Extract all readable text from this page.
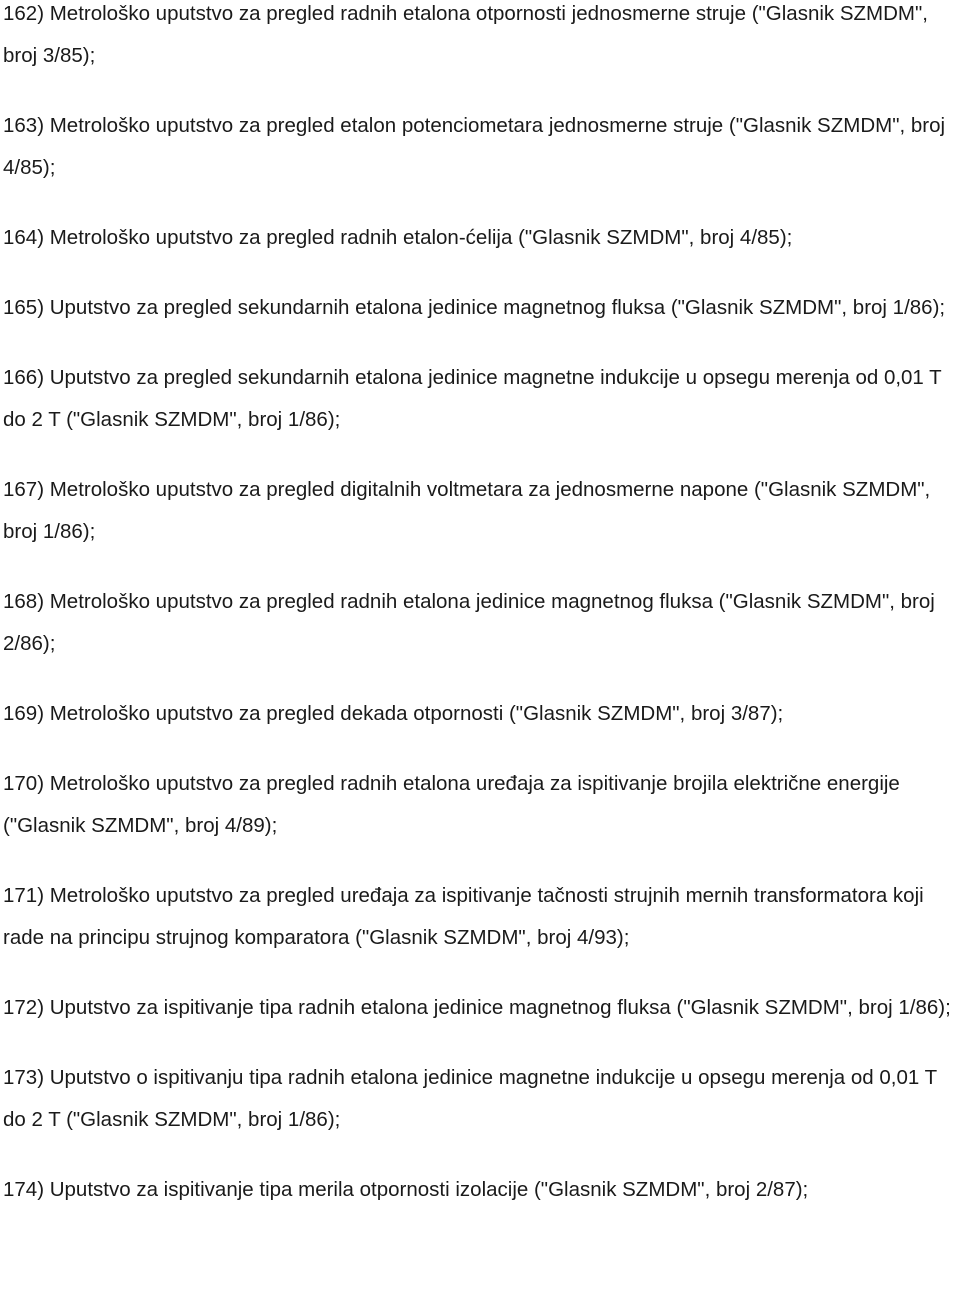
162) Metrološko uputstvo za pregled radnih etalona otpornosti jednosmerne struje ("Glasnik SZMDM", broj 3/85);

163) Metrološko uputstvo za pregled etalon potenciometara jednosmerne struje ("Glasnik SZMDM", broj 4/85);

164) Metrološko uputstvo za pregled radnih etalon-ćelija ("Glasnik SZMDM", broj 4/85);

165) Uputstvo za pregled sekundarnih etalona jedinice magnetnog fluksa ("Glasnik SZMDM", broj 1/86);

166) Uputstvo za pregled sekundarnih etalona jedinice magnetne indukcije u opsegu merenja od 0,01 T do 2 T ("Glasnik SZMDM", broj 1/86);

167) Metrološko uputstvo za pregled digitalnih voltmetara za jednosmerne napone ("Glasnik SZMDM", broj 1/86);

168) Metrološko uputstvo za pregled radnih etalona jedinice magnetnog fluksa ("Glasnik SZMDM", broj 2/86);

169) Metrološko uputstvo za pregled dekada otpornosti ("Glasnik SZMDM", broj 3/87);

170) Metrološko uputstvo za pregled radnih etalona uređaja za ispitivanje brojila električne energije ("Glasnik SZMDM", broj 4/89);

171) Metrološko uputstvo za pregled uređaja za ispitivanje tačnosti strujnih mernih transformatora koji rade na principu strujnog komparatora ("Glasnik SZMDM", broj 4/93);

172) Uputstvo za ispitivanje tipa radnih etalona jedinice magnetnog fluksa ("Glasnik SZMDM", broj 1/86);

173) Uputstvo o ispitivanju tipa radnih etalona jedinice magnetne indukcije u opsegu merenja od 0,01 T do 2 T ("Glasnik SZMDM", broj 1/86);

174) Uputstvo za ispitivanje tipa merila otpornosti izolacije ("Glasnik SZMDM", broj 2/87);
